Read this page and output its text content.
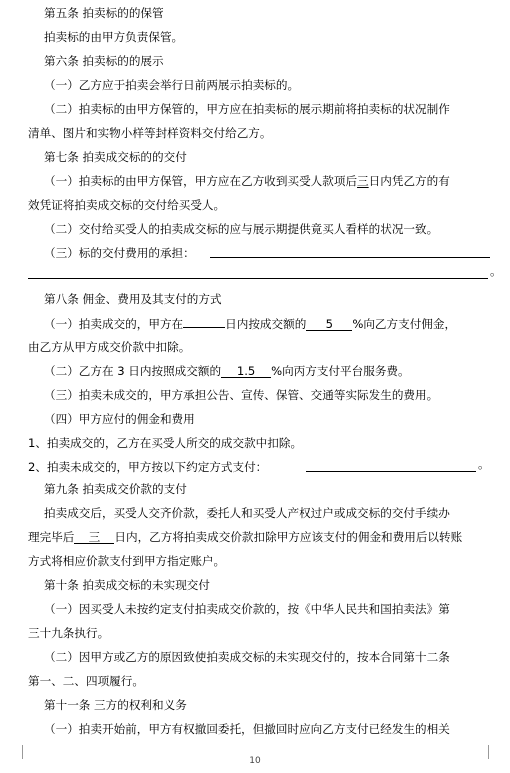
第五条 拍卖标的的保管
拍卖标的由甲方负责保管。
第六条 拍卖标的的展示
（一）乙方应于拍卖会举行日前两展示拍卖标的。
（二）拍卖标的由甲方保管的，甲方应在拍卖标的展示期前将拍卖标的状况制作
清单、图片和实物小样等封样资料交付给乙方。
第七条 拍卖成交标的的交付
（一）拍卖标的由甲方保管，甲方应在乙方收到买受人款项后三日内凭乙方的有
效凭证将拍卖成交标的交付给买受人。
（二）交付给买受人的拍卖成交标的应与展示期提供竟买人看样的状况一致。
（三）标的交付费用的承担：
。
第八条 佣金、费用及其支付的方式
（一）拍卖成交的，甲方在	日内按成交额的 5 %向乙方支付佣金，
由乙方从甲方成交价款中扣除。
（二）乙方在 3 日内按照成交额的 1.5 %向丙方支付平台服务费。
（三）拍卖未成交的，甲方承担公告、宣传、保管、交通等实际发生的费用。
（四）甲方应付的佣金和费用
1、拍卖成交的，乙方在买受人所交的成交款中扣除。
2、拍卖未成交的，甲方按以下约定方式支付：	。
第九条 拍卖成交价款的支付
拍卖成交后，买受人交齐价款，委托人和买受人产权过户或成交标的交付手续办
理完毕后 三 日内，乙方将拍卖成交价款扣除甲方应该支付的佣金和费用后以转账
方式将相应价款支付到甲方指定账户。
第十条 拍卖成交标的未实现交付
（一）因买受人未按约定支付拍卖成交价款的，按《中华人民共和国拍卖法》第
三十九条执行。
（二）因甲方或乙方的原因致使拍卖成交标的未实现交付的，按本合同第十二条
第一、二、四项履行。
第十一条 三方的权利和义务
（一）拍卖开始前，甲方有权撤回委托，但撤回时应向乙方支付已经发生的相关
10
